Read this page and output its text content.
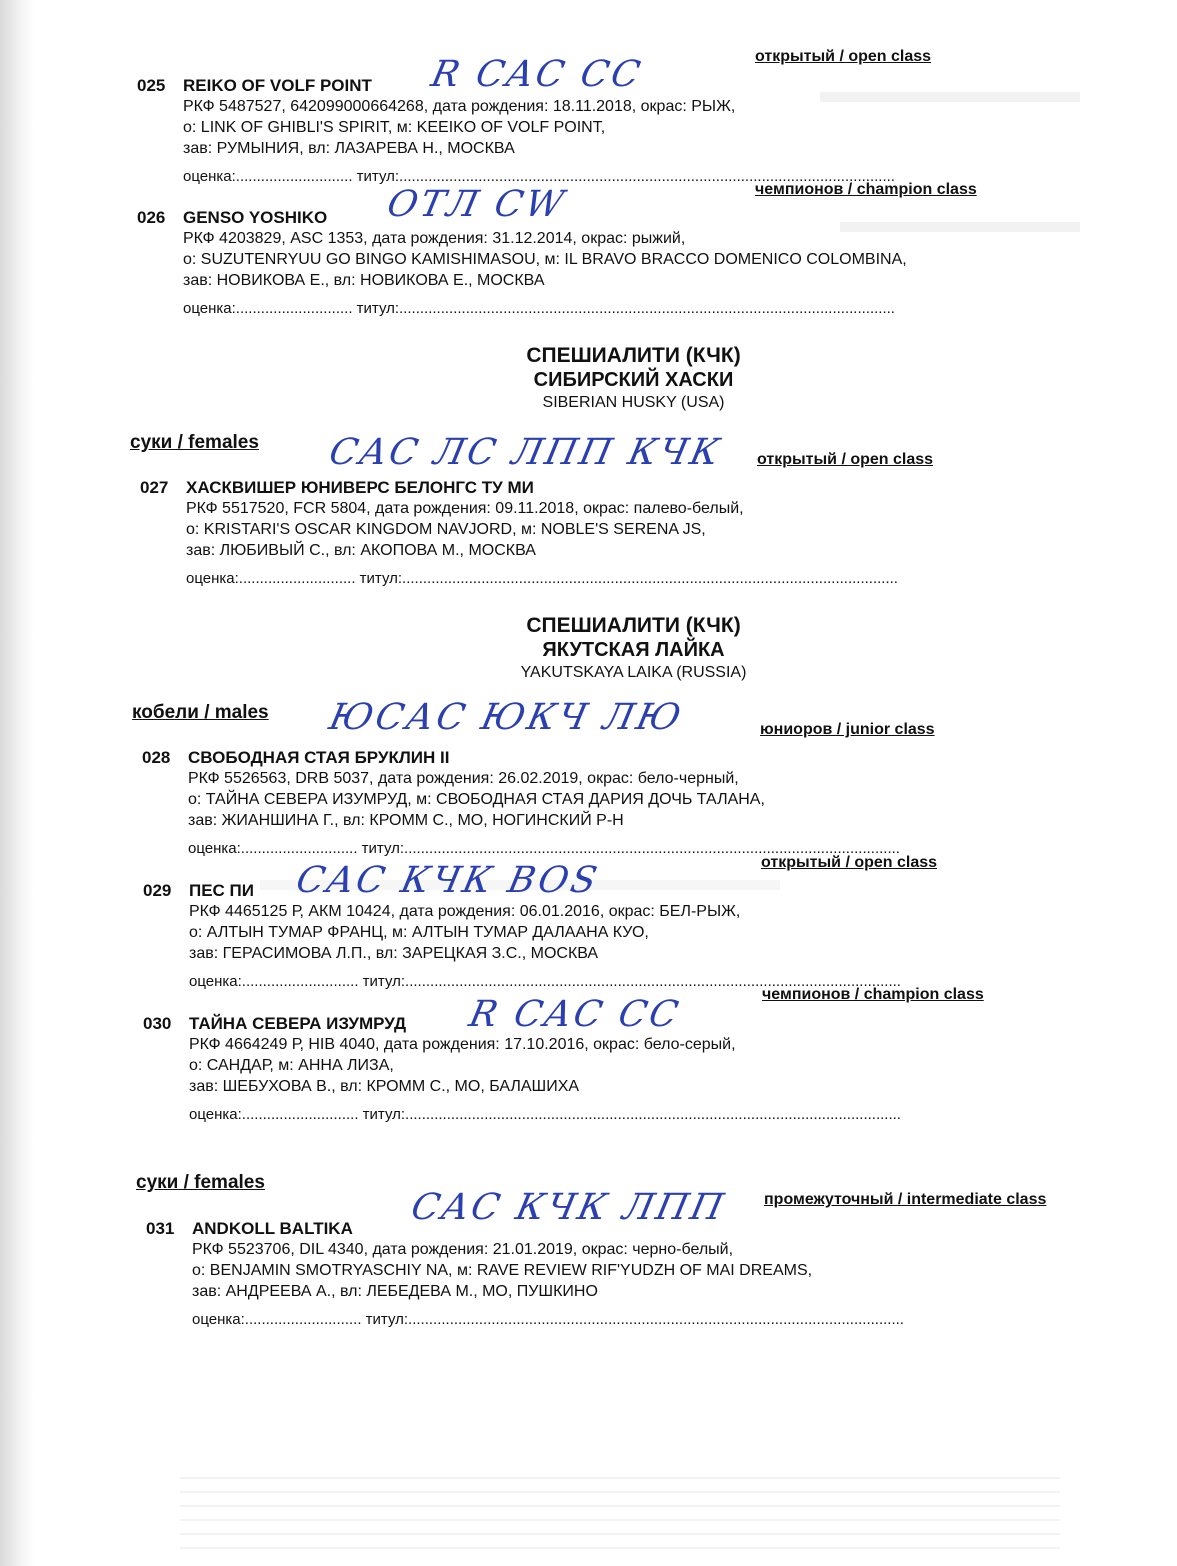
открытый / open class
025 REIKO OF VOLF POINT
РКФ 5487527, 642099000664268, дата рождения: 18.11.2018, окрас: РЫЖ,
о: LINK OF GHIBLI'S SPIRIT, м: KEEIKO OF VOLF POINT,
зав: РУМЫНИЯ, вл: ЛАЗАРЕВА Н., МОСКВА
оценка:............................ титул:.......................................................................................................................
R CAC CC
чемпионов / champion class
026 GENSO YOSHIKO
РКФ 4203829, ASC 1353, дата рождения: 31.12.2014, окрас: рыжий,
о: SUZUTENRYUU GO BINGO KAMISHIMASOU, м: IL BRAVO BRACCO DOMENICO COLOMBINA,
зав: НОВИКОВА Е., вл: НОВИКОВА Е., МОСКВА
оценка:............................ титул:.......................................................................................................................
ОТЛ CW
СПЕШИАЛИТИ (КЧК)
СИБИРСКИЙ ХАСКИ
SIBERIAN HUSKY (USA)
суки / females CAC ЛС ЛПП КЧК открытый / open class
027 ХАСКВИШЕР ЮНИВЕРС БЕЛОНГС ТУ МИ
РКФ 5517520, FCR 5804, дата рождения: 09.11.2018, окрас: палево-белый,
о: KRISTARI'S OSCAR KINGDOM NAVJORD, м: NOBLE'S SERENA JS,
зав: ЛЮБИВЫЙ С., вл: АКОПОВА М., МОСКВА
оценка:............................ титул:.......................................................................................................................
СПЕШИАЛИТИ (КЧК)
ЯКУТСКАЯ ЛАЙКА
YAKUTSKAYA LAIKA (RUSSIA)
кобели / males ЮСАС ЮКЧ ЛЮ	юниоров / junior class
028 СВОБОДНАЯ СТАЯ БРУКЛИН II
РКФ 5526563, DRB 5037, дата рождения: 26.02.2019, окрас: бело-черный,
о: ТАЙНА СЕВЕРА ИЗУМРУД, м: СВОБОДНАЯ СТАЯ ДАРИЯ ДОЧЬ ТАЛАНА,
зав: ЖИАНШИНА Г., вл: КРОММ С., МО, НОГИНСКИЙ Р-Н
оценка:............................ титул:.......................................................................................................................
открытый / open class
029 ПЕС ПИ
РКФ 4465125 Р, АКМ 10424, дата рождения: 06.01.2016, окрас: БЕЛ-РЫЖ,
о: АЛТЫН ТУМАР ФРАНЦ, м: АЛТЫН ТУМАР ДАЛААНА КУО,
зав: ГЕРАСИМОВА Л.П., вл: ЗАРЕЦКАЯ З.С., МОСКВА
оценка:............................ титул:.......................................................................................................................
CAC КЧК BOS
чемпионов / champion class
030 ТАЙНА СЕВЕРА ИЗУМРУД
РКФ 4664249 Р, HIB 4040, дата рождения: 17.10.2016, окрас: бело-серый,
о: САНДАР, м: АННА ЛИЗА,
зав: ШЕБУХОВА В., вл: КРОММ С., МО, БАЛАШИХА
оценка:............................ титул:.......................................................................................................................
R CAC CC
суки / females
CAC КЧК ЛПП промежуточный / intermediate class
031 ANDKOLL BALTIKA
РКФ 5523706, DIL 4340, дата рождения: 21.01.2019, окрас: черно-белый,
о: BENJAMIN SMOTRYASCHIY NA, м: RAVE REVIEW RIF'YUDZH OF MAI DREAMS,
зав: АНДРЕЕВА А., вл: ЛЕБЕДЕВА М., МО, ПУШКИНО
оценка:............................ титул:.......................................................................................................................
